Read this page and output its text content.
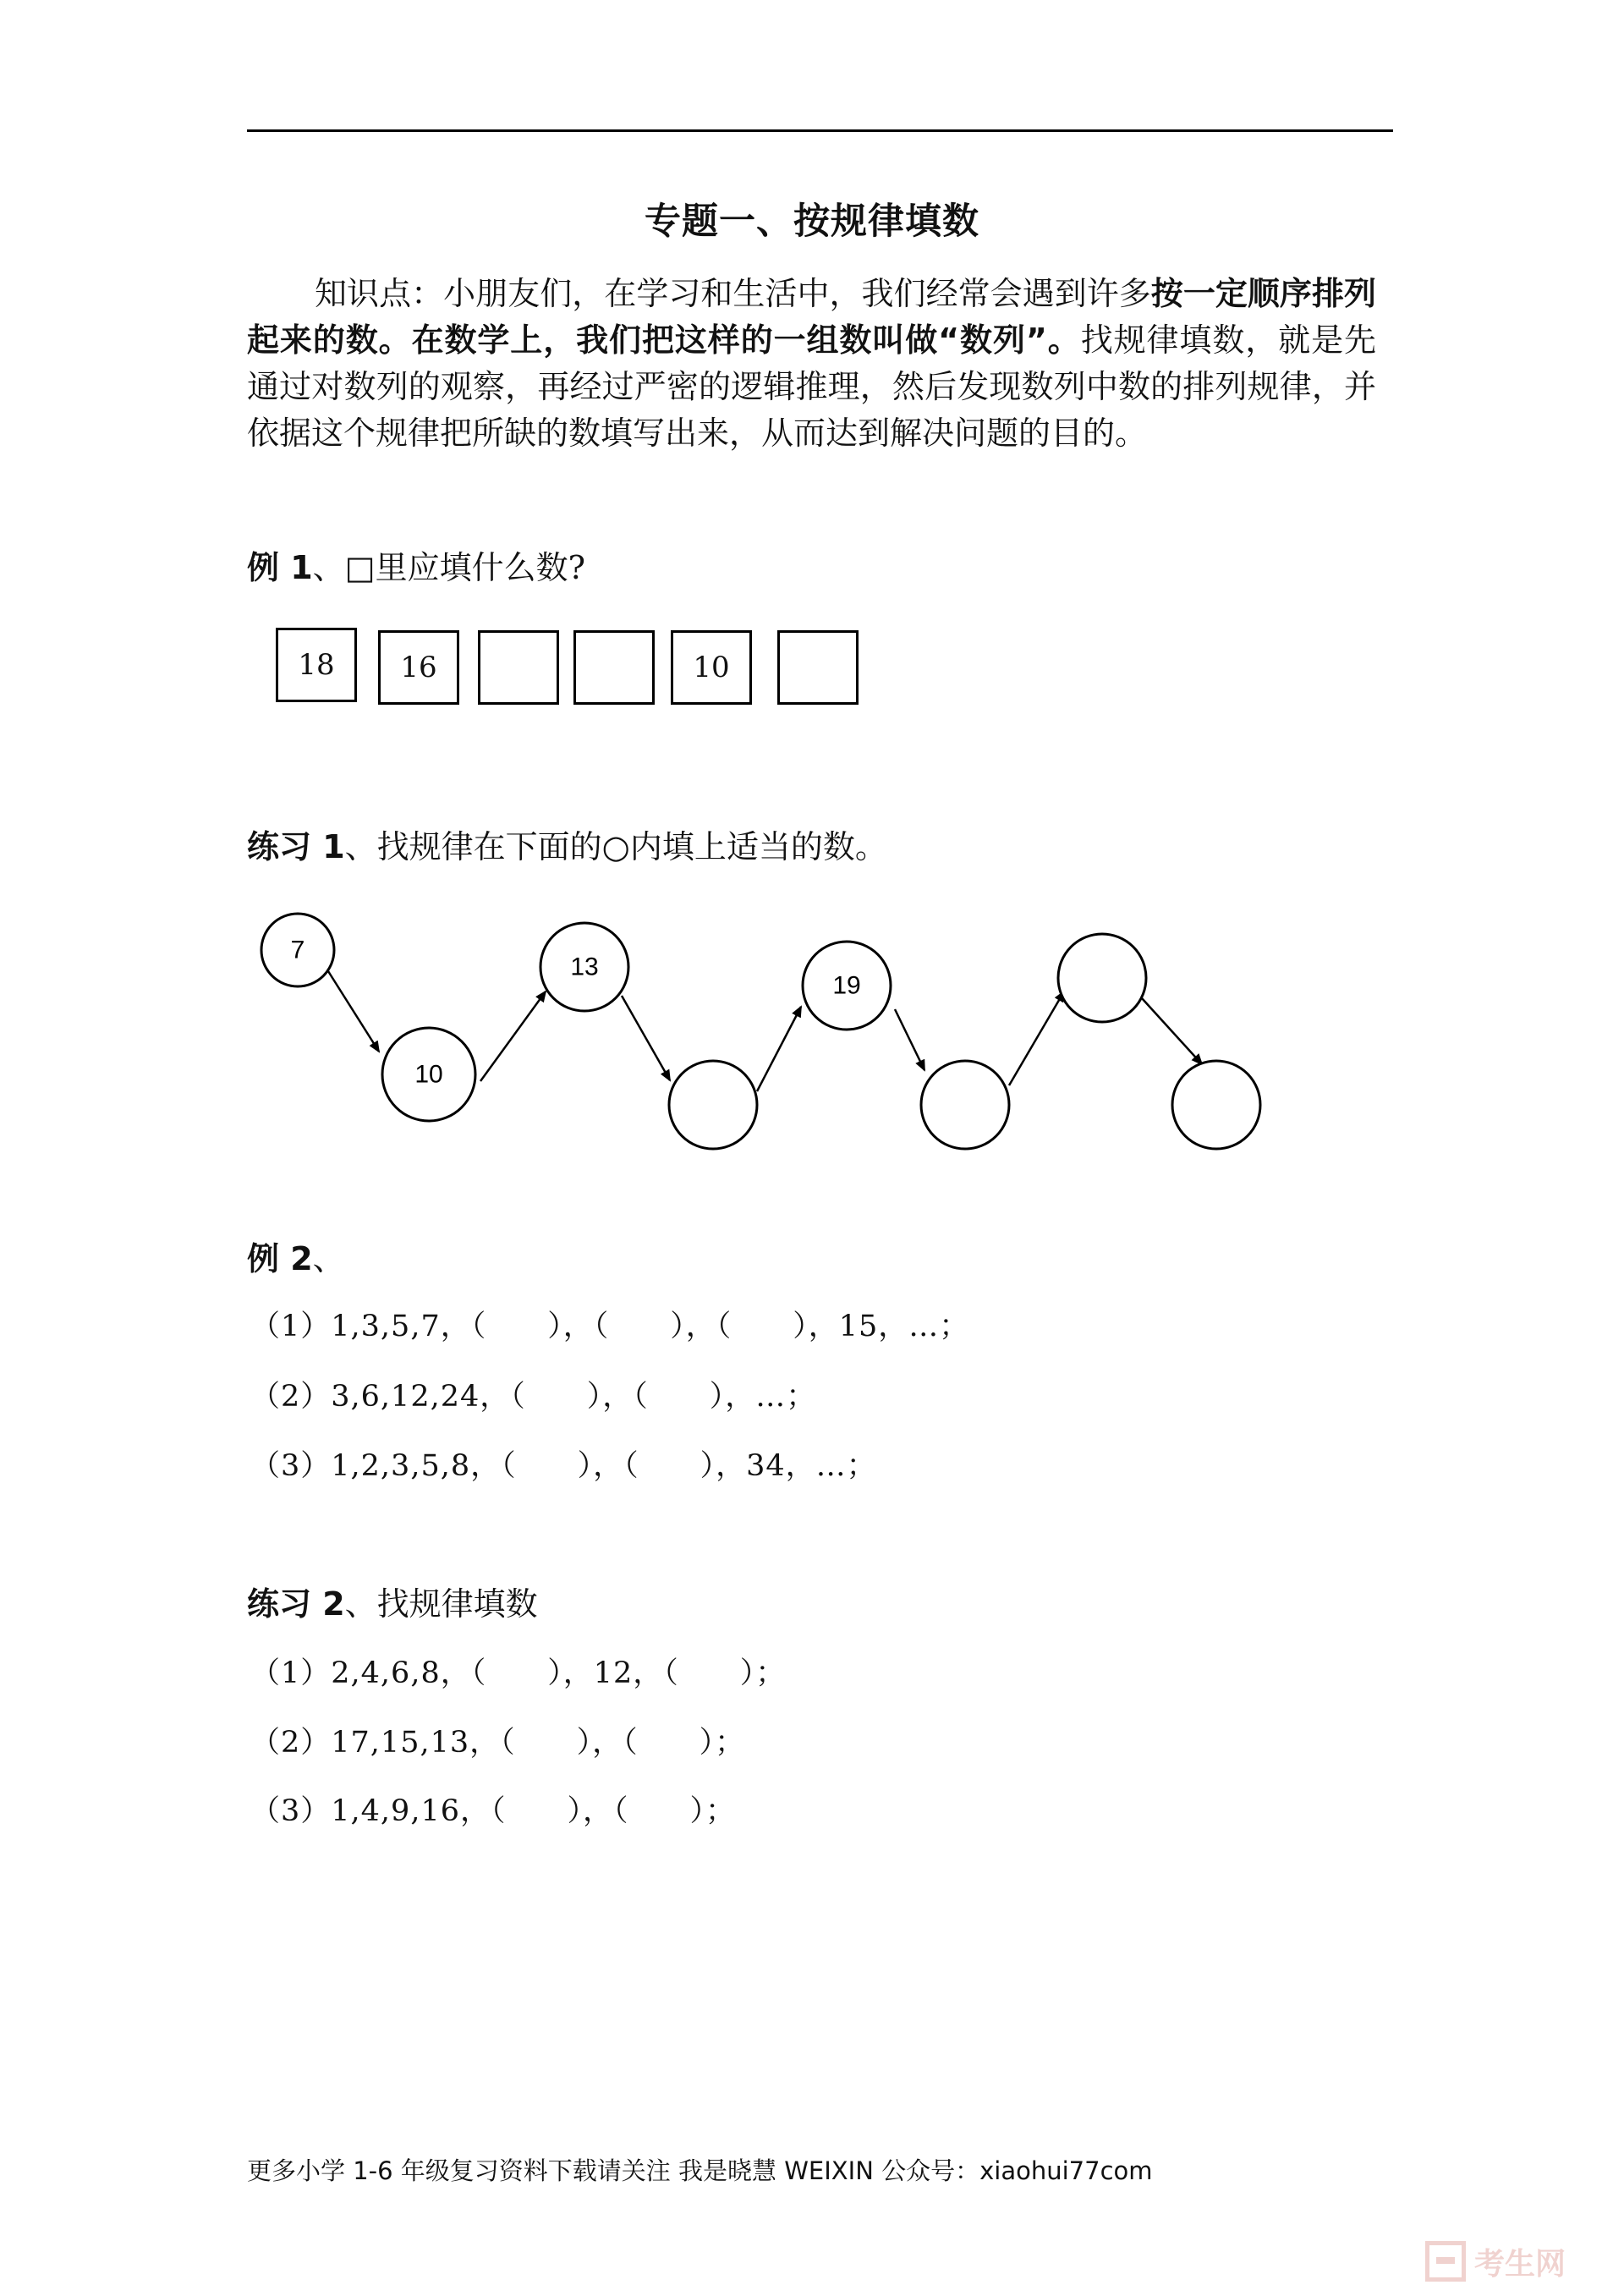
专题一、按规律填数
知识点：小朋友们，在学习和生活中，我们经常会遇到许多按一定顺序排列起来的数。在数学上，我们把这样的一组数叫做“数列”。找规律填数，就是先通过对数列的观察，再经过严密的逻辑推理，然后发现数列中数的排列规律，并依据这个规律把所缺的数填写出来，从而达到解决问题的目的。
例 1、□里应填什么数?
18	16	10
练习 1、找规律在下面的○内填上适当的数。
7
10
13
19
例 2、
（1）1,3,5,7，（　　），（　　），（　　），15，…；
（2）3,6,12,24，（　　），（　　），…；
（3）1,2,3,5,8，（　　），（　　），34，…；
练习 2、找规律填数
（1）2,4,6,8，（　　），12，（　　）；
（2）17,15,13，（　　），（　　）；
（3）1,4,9,16，（　　），（　　）；
更多小学 1-6 年级复习资料下载请关注 我是晓慧 WEIXIN 公众号：xiaohui77com
考生网
